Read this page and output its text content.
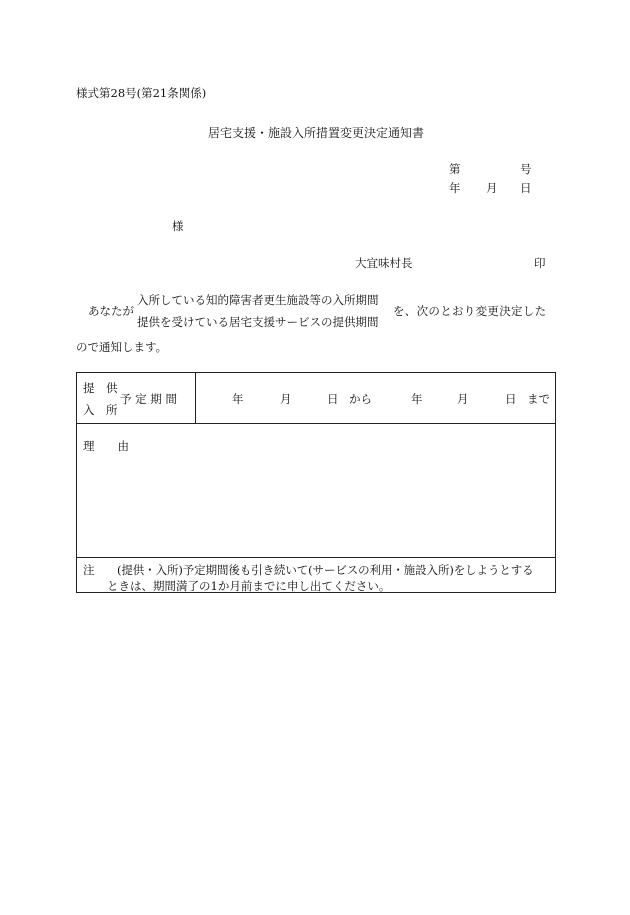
様式第28号(第21条関係)
居宅支援・施設入所措置変更決定通知書
第	号
年 月 日
様
大宜味村長	印
あなたが
入所している知的障害者更生施設等の入所期間
提供を受けている居宅支援サービスの提供期間
を、次のとおり変更決定した
ので通知します。
提　供
入　所
予 定 期 間	年	月	日 から	年	月	日 まで
理　　由
注 (提供・入所)予定期間後も引き続いて(サービスの利用・施設入所)をしようとする
ときは、期間満了の1か月前までに申し出てください。
